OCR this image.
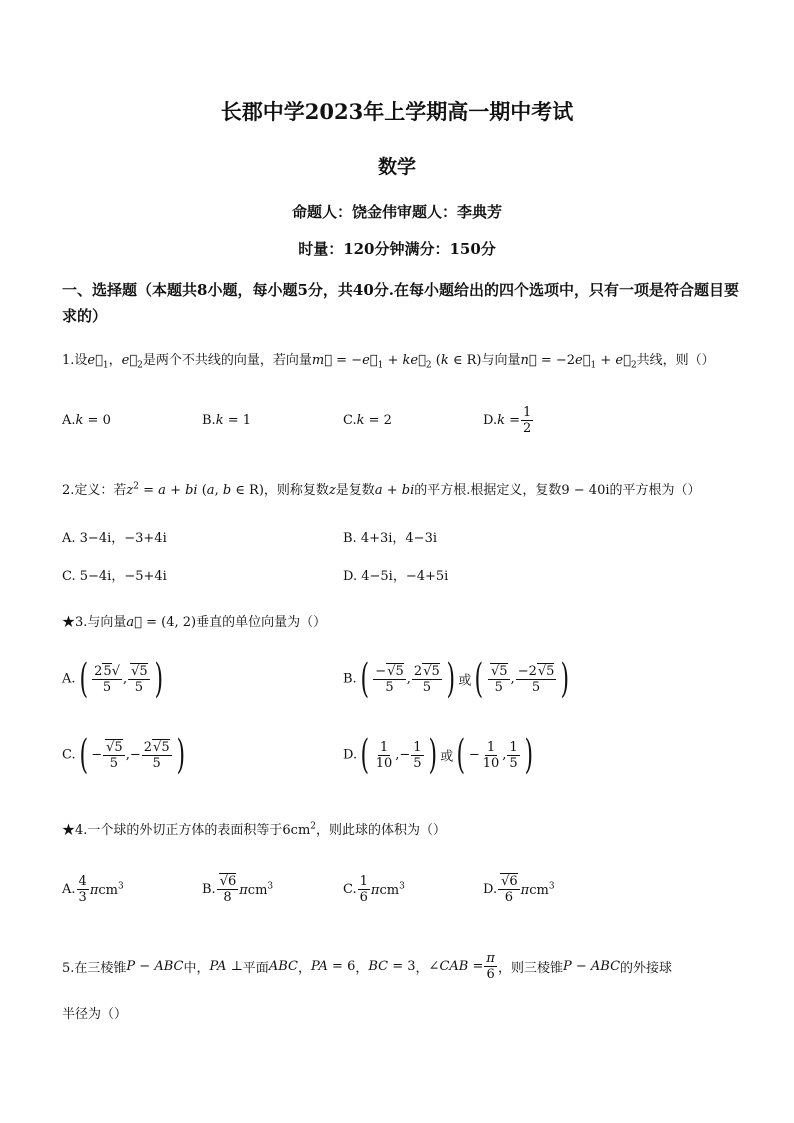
长郡中学2023年上学期高一期中考试
数学
命题人：饶金伟审题人：李典芳
时量：120分钟满分：150分
一、选择题（本题共8小题，每小题5分，共40分.在每小题给出的四个选项中，只有一项是符合题目要求的）
1.设$e⃗_1$，$e⃗_2$是两个不共线的向量，若向量m⃗ = $-e⃗_1$ + $ke⃗_2$ (k ∈ R)与向量n⃗ = $-2e⃗_1$ + $e⃗_2$共线，则（）
A.k = 0	B.k = 1	C.k = 2	$D.k = \frac{1}{2}$
2.定义：若$z^2 = a$ + bi (a, b ∈ R)，则称复数z是复数a + bi的平方根.根据定义，复数9 − 40i的平方根为（）
A. 3−4i，−3+4i	B. 4+3i，4−3i
C. 5−4i，−5+4i	D. 4−5i，−4+5i
★3.与向量a⃗ = (4, 2)垂直的单位向量为（）
$A.( \frac{25√}{5}$ , $\frac{√5}{5}$ )	$B.( \frac{-√5}{5}$ , $\frac{2√5}{5}$ ) 或( $\frac{√5}{5}$ , $\frac{-2√5}{5}$ )
$C.( - \frac{√5}{5}$ ,− $\frac{2√5}{5}$ )	$D.( \frac{1}{10}$ ,− $\frac{1}{5}$ ) 或( − $\frac{1}{10}$ , $\frac{1}{5}$ )
★4.一个球的外切正方体的表面积等于$6cm^2$，则此球的体积为（）
A. $\frac{4}{3} \pi cm^3$	B. $\frac{√6}{8} \pi cm^3$	C. $\frac{1}{6} \pi cm^3$	D. $\frac{√6}{6} \pi cm^3$
5.在三棱锥P − ABC中，PA ⊥平面ABC，PA = 6，BC = 3，∠CAB = $\frac{\pi}{6}$ ，则三棱锥P − ABC的外接球
半径为（）
